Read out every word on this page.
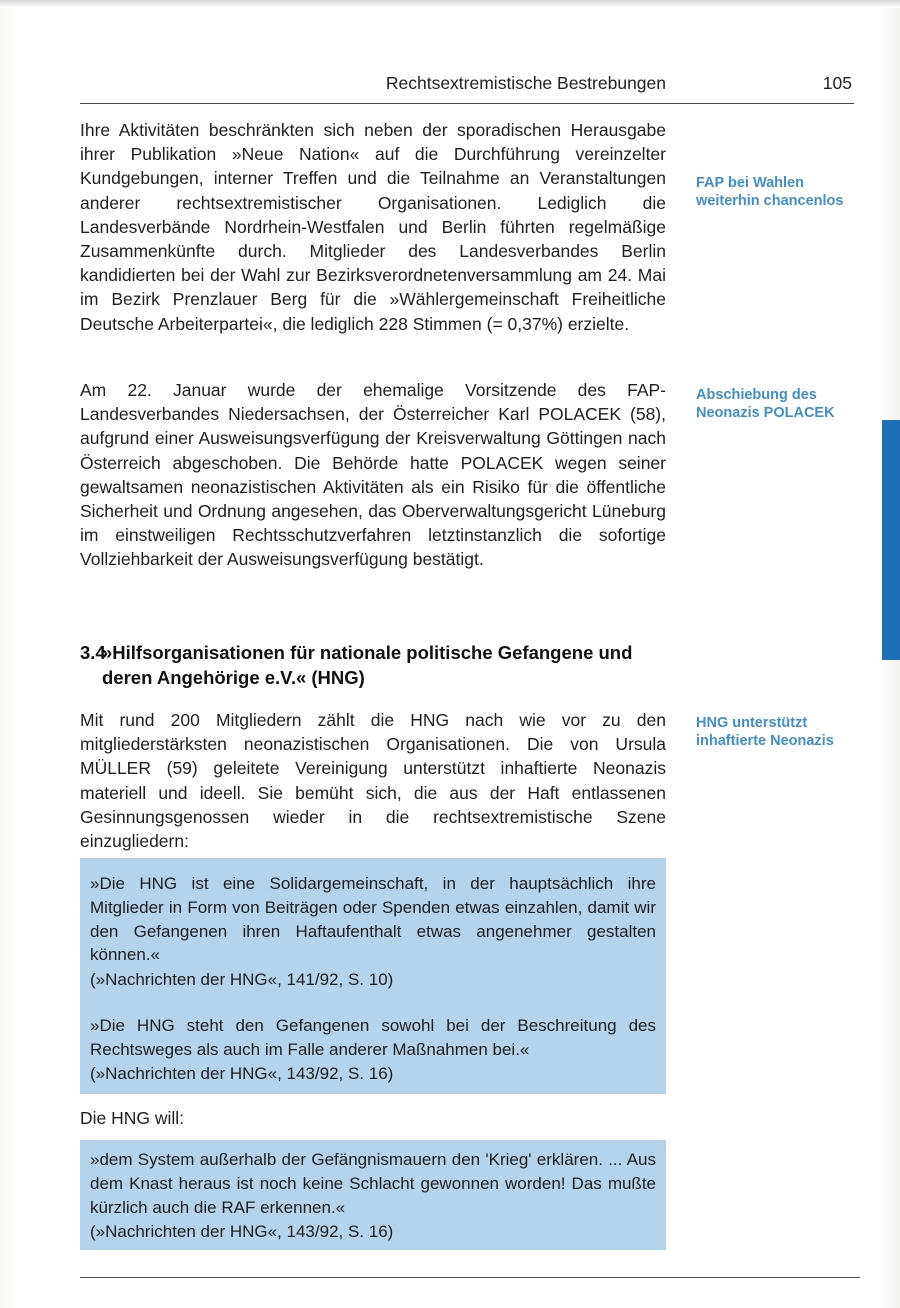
Rechtsextremistische Bestrebungen	105

Ihre Aktivitäten beschränkten sich neben der sporadischen Herausgabe ihrer Publikation »Neue Nation« auf die Durchführung vereinzelter Kundgebungen, interner Treffen und die Teilnahme an Veranstaltungen anderer rechtsextremistischer Organisationen. Lediglich die Landesverbände Nordrhein-Westfalen und Berlin führten regelmäßige Zusammenkünfte durch. Mitglieder des Landesverbandes Berlin kandidierten bei der Wahl zur Bezirksverordnetenversammlung am 24. Mai im Bezirk Prenzlauer Berg für die »Wählergemeinschaft Freiheitliche Deutsche Arbeiterpartei«, die lediglich 228 Stimmen (= 0,37%) erzielte.

FAP bei Wahlen weiterhin chancenlos

Am 22. Januar wurde der ehemalige Vorsitzende des FAP-Landesverbandes Niedersachsen, der Österreicher Karl POLACEK (58), aufgrund einer Ausweisungsverfügung der Kreisverwaltung Göttingen nach Österreich abgeschoben. Die Behörde hatte POLACEK wegen seiner gewaltsamen neonazistischen Aktivitäten als ein Risiko für die öffentliche Sicherheit und Ordnung angesehen, das Oberverwaltungsgericht Lüneburg im einstweiligen Rechtsschutzverfahren letztinstanzlich die sofortige Vollziehbarkeit der Ausweisungsverfügung bestätigt.

Abschiebung des Neonazis POLACEK

3.4»Hilfsorganisationen für nationale politische Gefangene und
deren Angehörige e.V.« (HNG)

Mit rund 200 Mitgliedern zählt die HNG nach wie vor zu den mitgliederstärksten neonazistischen Organisationen. Die von Ursula MÜLLER (59) geleitete Vereinigung unterstützt inhaftierte Neonazis materiell und ideell. Sie bemüht sich, die aus der Haft entlassenen Gesinnungsgenossen wieder in die rechtsextremistische Szene einzugliedern:

HNG unterstützt inhaftierte Neonazis

»Die HNG ist eine Solidargemeinschaft, in der hauptsächlich ihre Mitglieder in Form von Beiträgen oder Spenden etwas einzahlen, damit wir den Gefangenen ihren Haftaufenthalt etwas angenehmer gestalten können.«

(»Nachrichten der HNG«, 141/92, S. 10)

»Die HNG steht den Gefangenen sowohl bei der Beschreitung des Rechtsweges als auch im Falle anderer Maßnahmen bei.«

(»Nachrichten der HNG«, 143/92, S. 16)

Die HNG will:

»dem System außerhalb der Gefängnismauern den 'Krieg' erklären. ... Aus dem Knast heraus ist noch keine Schlacht gewonnen worden! Das mußte kürzlich auch die RAF erkennen.«

(»Nachrichten der HNG«, 143/92, S. 16)
